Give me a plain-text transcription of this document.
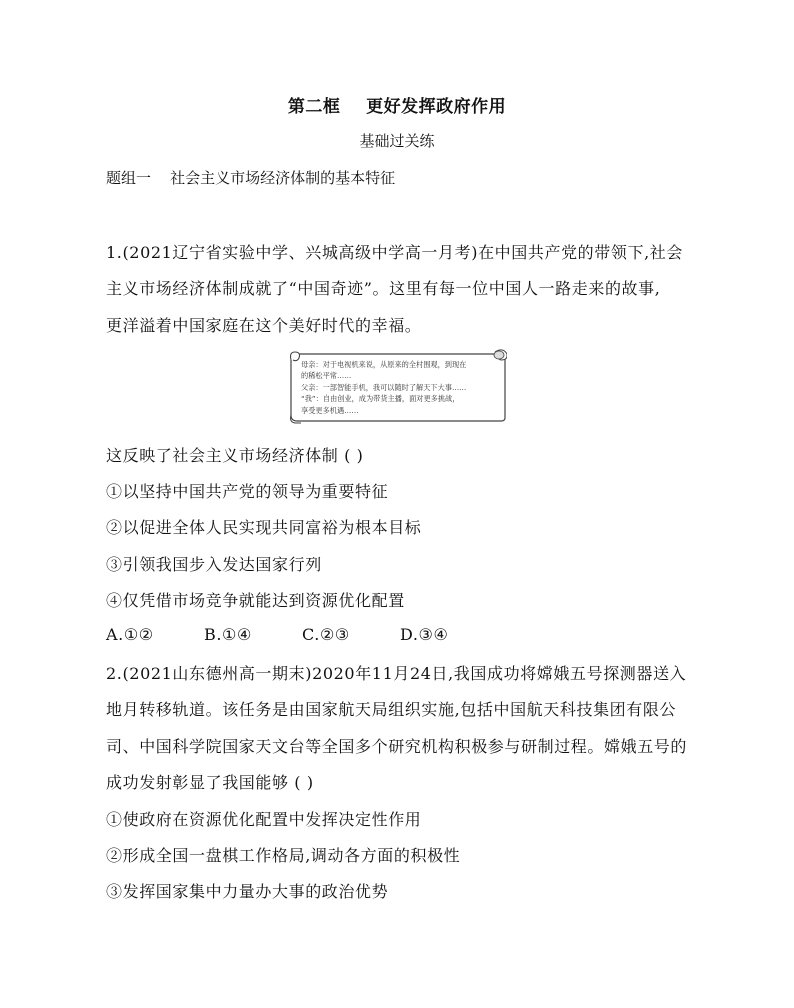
第二框    更好发挥政府作用
基础过关练
题组一    社会主义市场经济体制的基本特征
1.(2021辽宁省实验中学、兴城高级中学高一月考)在中国共产党的带领下,社会
主义市场经济体制成就了“中国奇迹”。这里有每一位中国人一路走来的故事,
更洋溢着中国家庭在这个美好时代的幸福。
母亲：对于电视机来说，从原来的全村围观，到现在
的稀松平常……
父亲：一部智能手机，我可以随时了解天下大事……
“我”：自由创业，成为带货主播，面对更多挑战，
享受更多机遇……
这反映了社会主义市场经济体制 ( )
①以坚持中国共产党的领导为重要特征
②以促进全体人民实现共同富裕为根本目标
③引领我国步入发达国家行列
④仅凭借市场竞争就能达到资源优化配置
A.①②	B.①④	C.②③	D.③④
2.(2021山东德州高一期末)2020年11月24日,我国成功将嫦娥五号探测器送入
地月转移轨道。该任务是由国家航天局组织实施,包括中国航天科技集团有限公
司、中国科学院国家天文台等全国多个研究机构积极参与研制过程。嫦娥五号的
成功发射彰显了我国能够 ( )
①使政府在资源优化配置中发挥决定性作用
②形成全国一盘棋工作格局,调动各方面的积极性
③发挥国家集中力量办大事的政治优势
